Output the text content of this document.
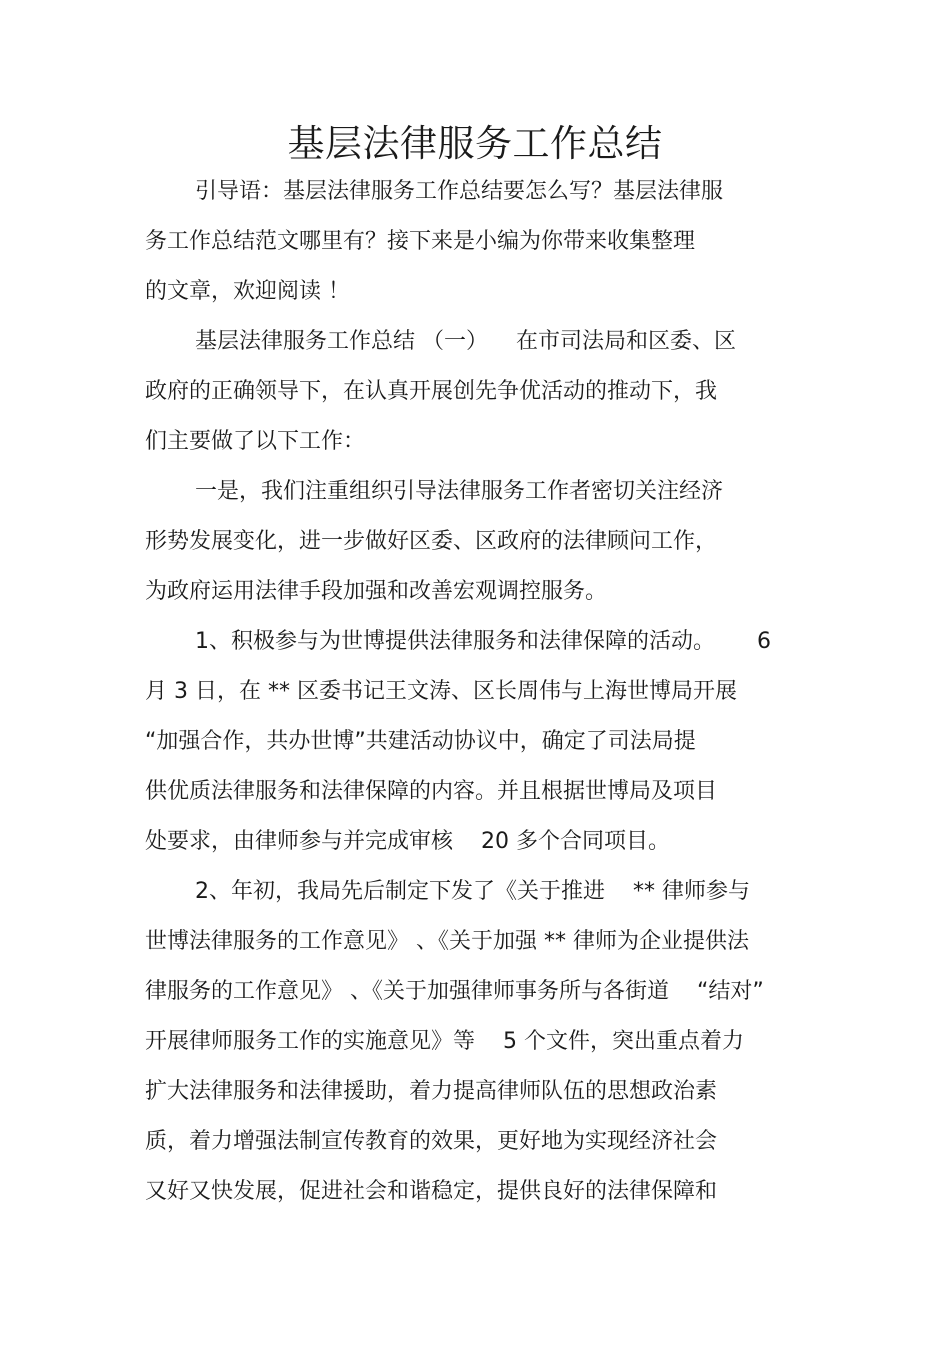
基层法律服务工作总结
引导语：基层法律服务工作总结要怎么写？基层法律服
务工作总结范文哪里有？接下来是小编为你带来收集整理
的文章，欢迎阅读 ！
基层法律服务工作总结 （一）    在市司法局和区委、区
政府的正确领导下，在认真开展创先争优活动的推动下，我
们主要做了以下工作：
一是，我们注重组织引导法律服务工作者密切关注经济
形势发展变化，进一步做好区委、区政府的法律顾问工作，
为政府运用法律手段加强和改善宏观调控服务。
1、积极参与为世博提供法律服务和法律保障的活动。      6
月 3 日，在 ** 区委书记王文涛、区长周伟与上海世博局开展
“加强合作，共办世博”共建活动协议中，确定了司法局提
供优质法律服务和法律保障的内容。并且根据世博局及项目
处要求，由律师参与并完成审核    20 多个合同项目。
2、年初，我局先后制定下发了《关于推进    ** 律师参与
世博法律服务的工作意见》 、《关于加强 ** 律师为企业提供法
律服务的工作意见》 、《关于加强律师事务所与各街道    “结对”
开展律师服务工作的实施意见》等    5 个文件，突出重点着力
扩大法律服务和法律援助，着力提高律师队伍的思想政治素
质，着力增强法制宣传教育的效果，更好地为实现经济社会
又好又快发展，促进社会和谐稳定，提供良好的法律保障和
